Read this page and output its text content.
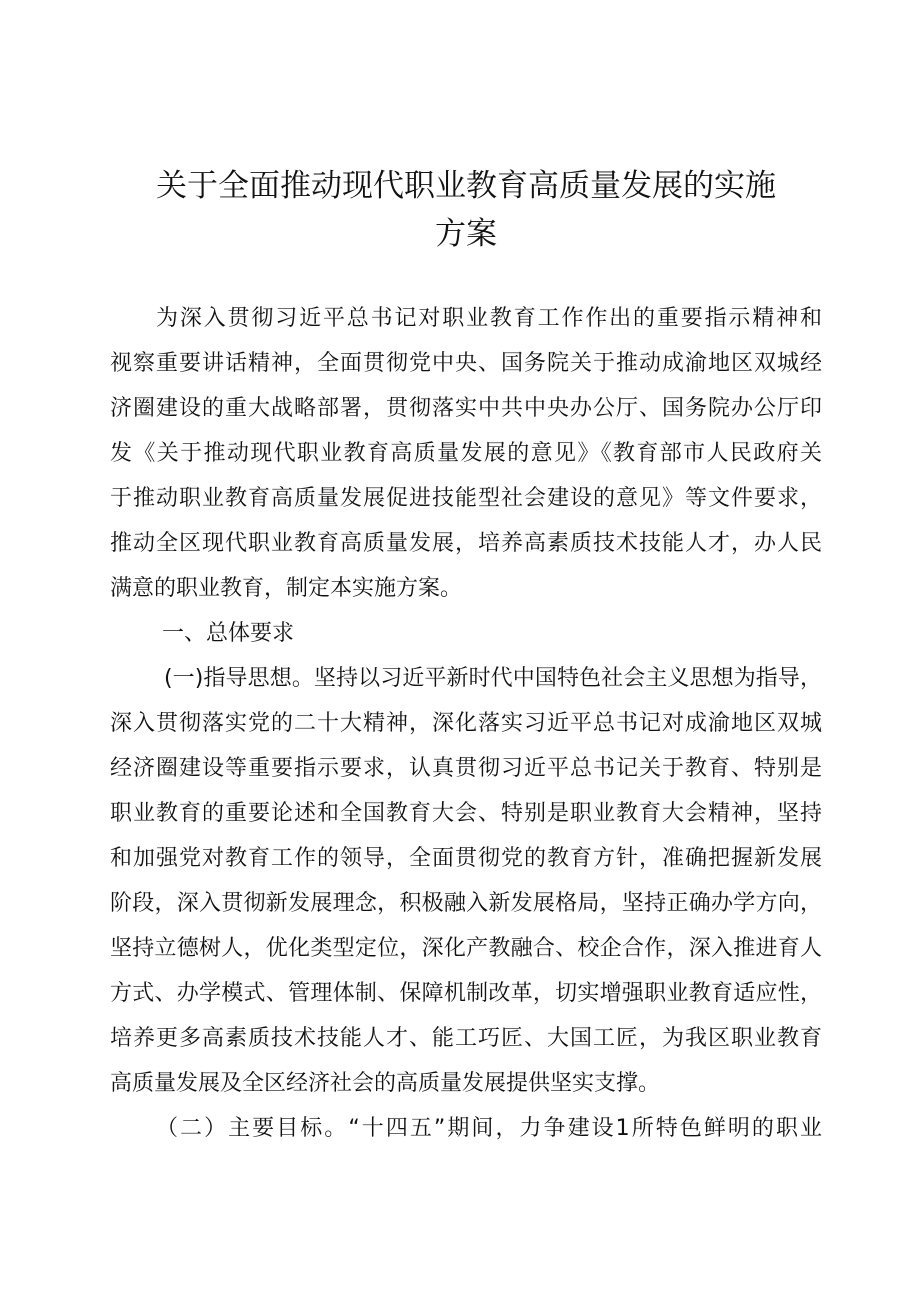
关于全面推动现代职业教育高质量发展的实施
方案
为深入贯彻习近平总书记对职业教育工作作出的重要指示精神和
视察重要讲话精神，全面贯彻党中央、国务院关于推动成渝地区双城经
济圈建设的重大战略部署，贯彻落实中共中央办公厅、国务院办公厅印
发《关于推动现代职业教育高质量发展的意见》《教育部市人民政府关
于推动职业教育高质量发展促进技能型社会建设的意见》等文件要求，
推动全区现代职业教育高质量发展，培养高素质技术技能人才，办人民
满意的职业教育，制定本实施方案。
一、总体要求
(一)指导思想。坚持以习近平新时代中国特色社会主义思想为指导，
深入贯彻落实党的二十大精神，深化落实习近平总书记对成渝地区双城
经济圈建设等重要指示要求，认真贯彻习近平总书记关于教育、特别是
职业教育的重要论述和全国教育大会、特别是职业教育大会精神，坚持
和加强党对教育工作的领导，全面贯彻党的教育方针，准确把握新发展
阶段，深入贯彻新发展理念，积极融入新发展格局，坚持正确办学方向，
坚持立德树人，优化类型定位，深化产教融合、校企合作，深入推进育人
方式、办学模式、管理体制、保障机制改革，切实增强职业教育适应性，
培养更多高素质技术技能人才、能工巧匠、大国工匠，为我区职业教育
高质量发展及全区经济社会的高质量发展提供坚实支撑。
（二）主要目标。“十四五”期间，力争建设1所特色鲜明的职业
